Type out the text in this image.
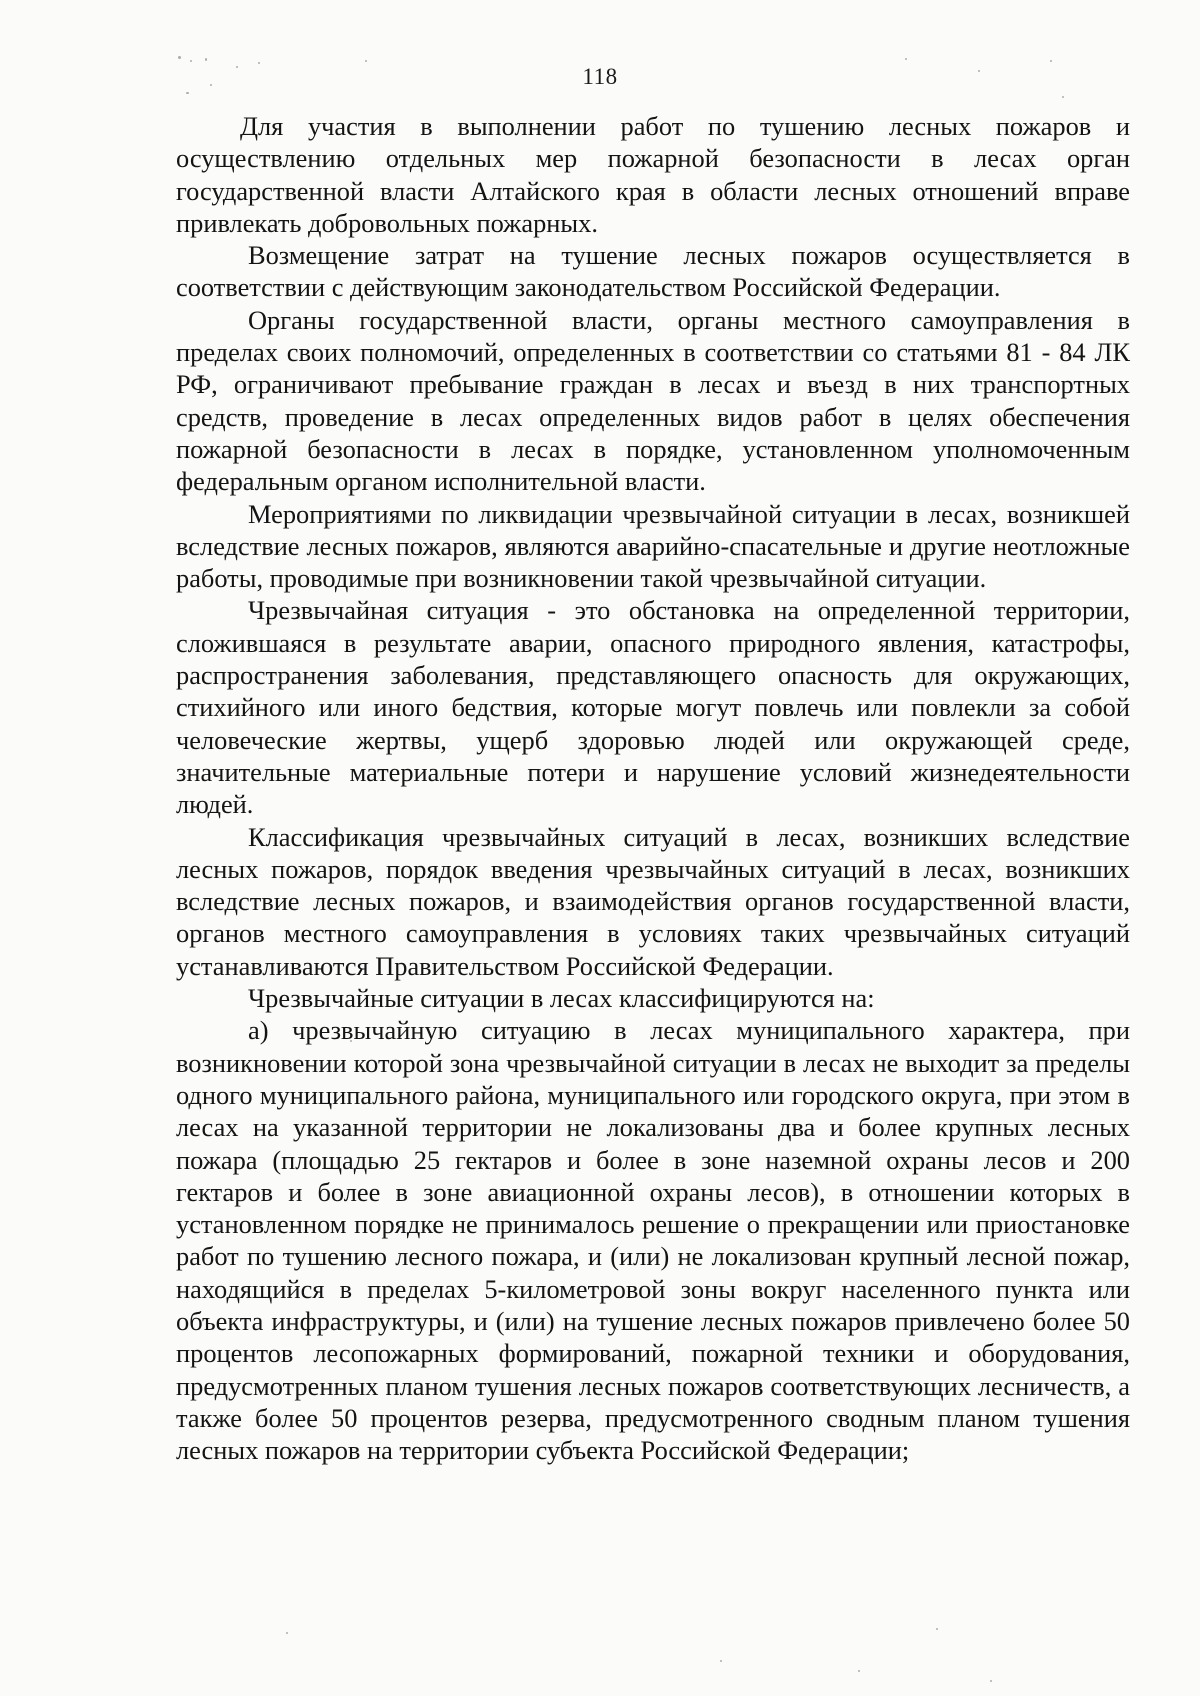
118

Для участия в выполнении работ по тушению лесных пожаров и осуществлению отдельных мер пожарной безопасности в лесах орган государственной власти Алтайского края в области лесных отношений вправе привлекать добровольных пожарных.

Возмещение затрат на тушение лесных пожаров осуществляется в соответствии с действующим законодательством Российской Федерации.

Органы государственной власти, органы местного самоуправления в пределах своих полномочий, определенных в соответствии со статьями 81 - 84 ЛК РФ, ограничивают пребывание граждан в лесах и въезд в них транспортных средств, проведение в лесах определенных видов работ в целях обеспечения пожарной безопасности в лесах в порядке, установленном уполномоченным федеральным органом исполнительной власти.

Мероприятиями по ликвидации чрезвычайной ситуации в лесах, возникшей вследствие лесных пожаров, являются аварийно-спасательные и другие неотложные работы, проводимые при возникновении такой чрезвычайной ситуации.

Чрезвычайная ситуация - это обстановка на определенной территории, сложившаяся в результате аварии, опасного природного явления, катастрофы, распространения заболевания, представляющего опасность для окружающих, стихийного или иного бедствия, которые могут повлечь или повлекли за собой человеческие жертвы, ущерб здоровью людей или окружающей среде, значительные материальные потери и нарушение условий жизнедеятельности людей.

Классификация чрезвычайных ситуаций в лесах, возникших вследствие лесных пожаров, порядок введения чрезвычайных ситуаций в лесах, возникших вследствие лесных пожаров, и взаимодействия органов государственной власти, органов местного самоуправления в условиях таких чрезвычайных ситуаций устанавливаются Правительством Российской Федерации.

Чрезвычайные ситуации в лесах классифицируются на:

а) чрезвычайную ситуацию в лесах муниципального характера, при возникновении которой зона чрезвычайной ситуации в лесах не выходит за пределы одного муниципального района, муниципального или городского округа, при этом в лесах на указанной территории не локализованы два и более крупных лесных пожара (площадью 25 гектаров и более в зоне наземной охраны лесов и 200 гектаров и более в зоне авиационной охраны лесов), в отношении которых в установленном порядке не принималось решение о прекращении или приостановке работ по тушению лесного пожара, и (или) не локализован крупный лесной пожар, находящийся в пределах 5-километровой зоны вокруг населенного пункта или объекта инфраструктуры, и (или) на тушение лесных пожаров привлечено более 50 процентов лесопожарных формирований, пожарной техники и оборудования, предусмотренных планом тушения лесных пожаров соответствующих лесничеств, а также более 50 процентов резерва, предусмотренного сводным планом тушения лесных пожаров на территории субъекта Российской Федерации;
